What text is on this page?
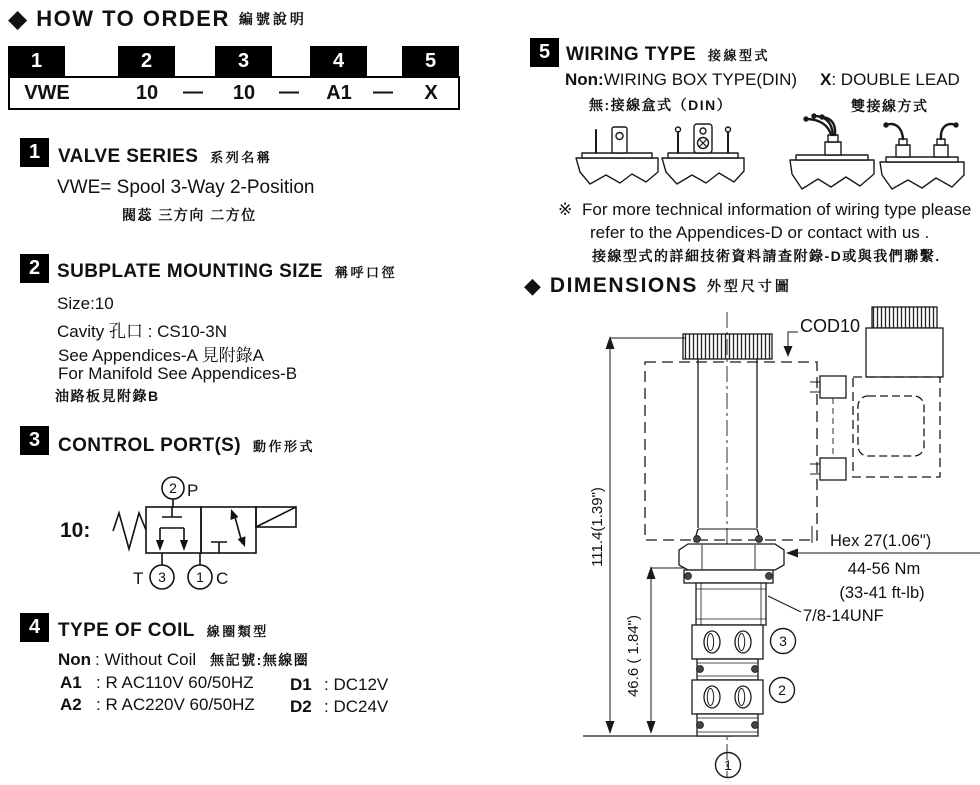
◆ HOW TO ORDER 編號說明
1	2	3	4	5
VWE	10	10	A1	X
—	—	—
1 VALVE SERIES 系列名稱
VWE= Spool 3-Way 2-Position
閥蕊 三方向 二方位
2 SUBPLATE MOUNTING SIZE 稱呼口徑
Size:10
Cavity 孔口 : CS10-3N
See Appendices-A 見附錄A
For Manifold See Appendices-B
油路板見附錄B
3 CONTROL PORT(S) 動作形式
10:
2 P
T 3 1 C
4 TYPE OF COIL 線圈類型
Non : Without Coil 無記號:無線圈
A1 : R AC110V 60/50HZ
A2 : R AC220V 60/50HZ
D1 : DC12V
D2 : DC24V
5 WIRING TYPE 接線型式
Non: WIRING BOX TYPE(DIN) X : DOUBLE LEAD
無:接線盒式（DIN）	雙接線方式
※ For more technical information of wiring type please
refer to the Appendices-D or contact with us .
接線型式的詳細技術資料請查附錄-D或與我們聯繫.
◆ DIMENSIONS 外型尺寸圖
COD10
111.4(1.39")
46.6 ( 1.84")
Hex 27(1.06")
44-56 Nm
(33-41 ft-lb)
7/8-14UNF
3
2
1
